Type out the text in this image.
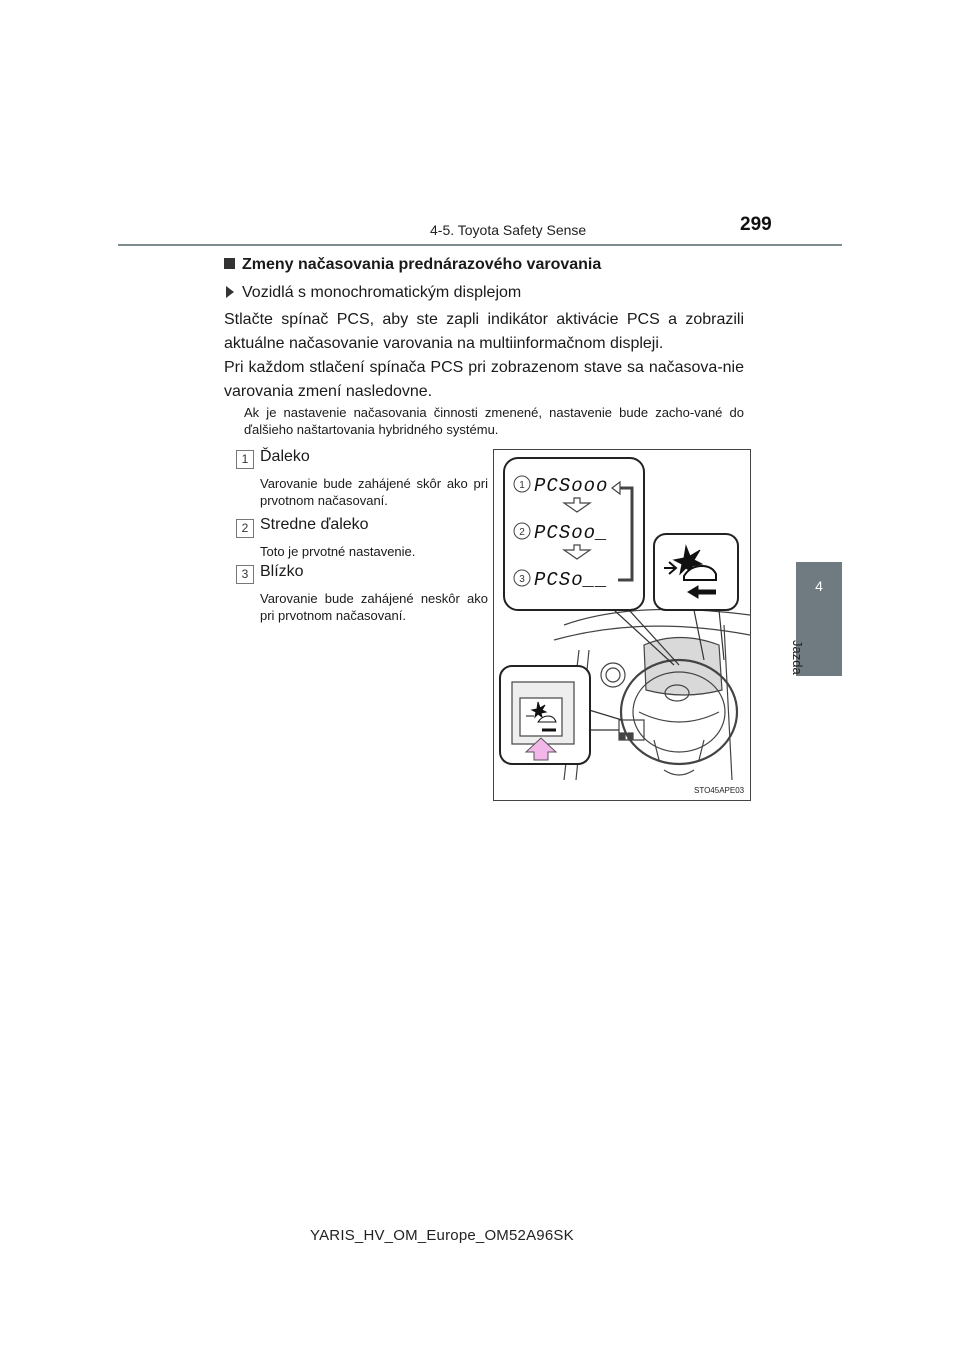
4-5. Toyota Safety Sense	299
4
Jazda
Zmeny načasovania prednárazového varovania
Vozidlá s monochromatickým displejom
Stlačte spínač PCS, aby ste zapli indikátor aktivácie PCS a zobrazili aktuálne načasovanie varovania na multiinformačnom displeji.
Pri každom stlačení spínača PCS pri zobrazenom stave sa načasova-nie varovania zmení nasledovne.
Ak je nastavenie načasovania činnosti zmenené, nastavenie bude zacho-vané do ďalšieho naštartovania hybridného systému.
1 Ďaleko
Varovanie bude zahájené skôr ako pri prvotnom načasovaní.
2 Stredne ďaleko
Toto je prvotné nastavenie.
3 Blízko
Varovanie bude zahájené neskôr ako pri prvotnom načasovaní.
1 PCSooo
2 PCSoo_
3 PCSo__
STO45APE03
YARIS_HV_OM_Europe_OM52A96SK
